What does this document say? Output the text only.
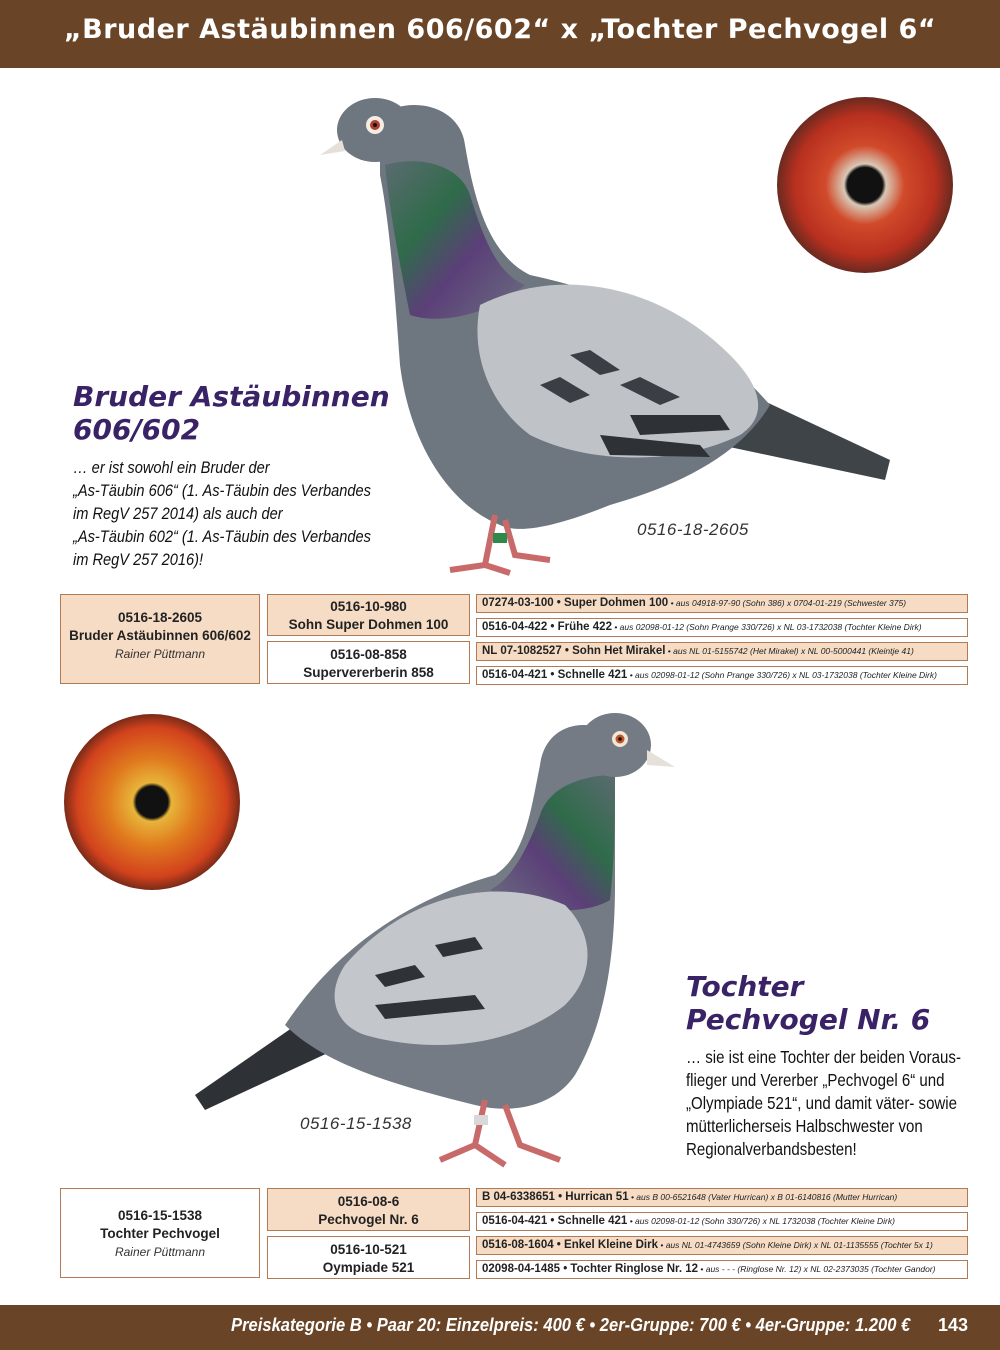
„Bruder Astäubinnen 606/602“ x „Tochter Pechvogel 6“
0516-18-2605
Bruder Astäubinnen
606/602
… er ist sowohl ein Bruder der
„As-Täubin 606“ (1. As-Täubin des Verbandes
im RegV 257 2014) als auch der
„As-Täubin 602“ (1. As-Täubin des Verbandes
im RegV 257 2016)!
0516-18-2605
Bruder Astäubinnen 606/602
Rainer Püttmann
0516-10-980
Sohn Super Dohmen 100
0516-08-858
Supervererberin 858
07274-03-100 • Super Dohmen 100 • aus 04918-97-90 (Sohn 386) x 0704-01-219 (Schwester 375)
0516-04-422 • Frühe 422 • aus 02098-01-12 (Sohn Prange 330/726) x NL 03-1732038 (Tochter Kleine Dirk)
NL 07-1082527 • Sohn Het Mirakel • aus NL 01-5155742 (Het Mirakel) x NL 00-5000441 (Kleintje 41)
0516-04-421 • Schnelle 421 • aus 02098-01-12 (Sohn Prange 330/726) x NL 03-1732038 (Tochter Kleine Dirk)
0516-15-1538
Tochter
Pechvogel Nr. 6
… sie ist eine Tochter der beiden Voraus-
flieger und Vererber „Pechvogel 6“ und
„Olympiade 521“, und damit väter- sowie
mütterlicherseis Halbschwester von
Regionalverbandsbesten!
0516-15-1538
Tochter Pechvogel
Rainer Püttmann
0516-08-6
Pechvogel Nr. 6
0516-10-521
Oympiade 521
B 04-6338651 • Hurrican 51 • aus B 00-6521648 (Vater Hurrican) x B 01-6140816 (Mutter Hurrican)
0516-04-421 • Schnelle 421 • aus 02098-01-12 (Sohn 330/726) x NL 1732038 (Tochter Kleine Dirk)
0516-08-1604 • Enkel Kleine Dirk • aus NL 01-4743659 (Sohn Kleine Dirk) x NL 01-1135555 (Tochter 5x 1)
02098-04-1485 • Tochter Ringlose Nr. 12 • aus - - - (Ringlose Nr. 12) x NL 02-2373035 (Tochter Gandor)
Preiskategorie B • Paar 20: Einzelpreis: 400 € • 2er-Gruppe: 700 € • 4er-Gruppe: 1.200 € 143
